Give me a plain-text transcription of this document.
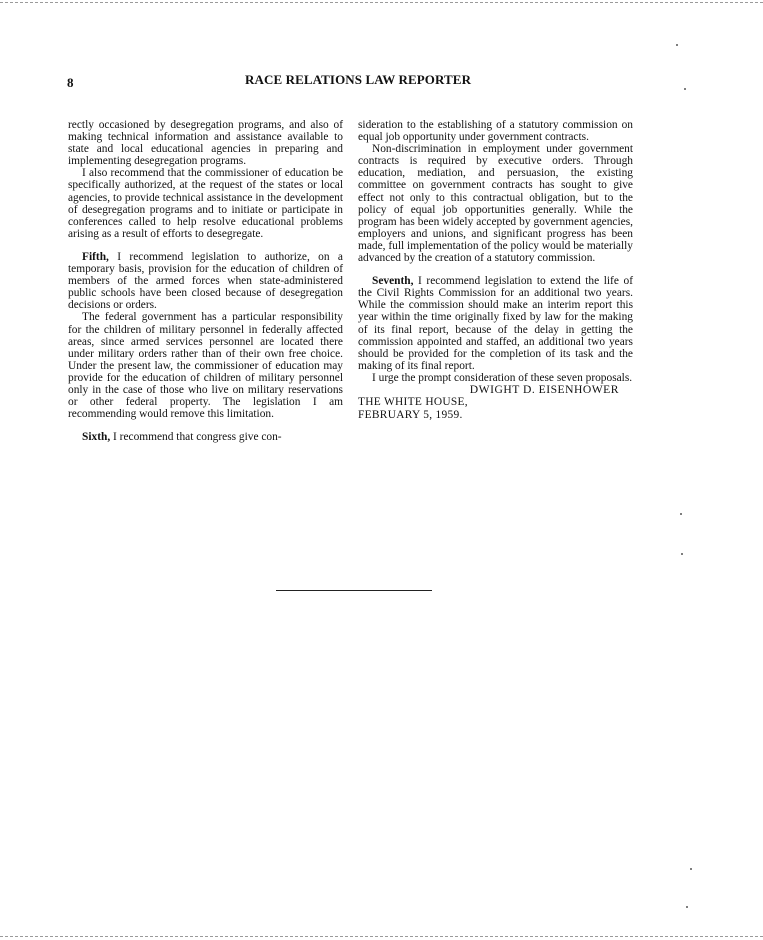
8	RACE RELATIONS LAW REPORTER

rectly occasioned by desegregation programs, and also of making technical information and assistance available to state and local educational agencies in preparing and implementing desegregation programs.

I also recommend that the commissioner of education be specifically authorized, at the request of the states or local agencies, to provide technical assistance in the development of desegregation programs and to initiate or participate in conferences called to help resolve educational problems arising as a result of efforts to desegregate.

Fifth, I recommend legislation to authorize, on a temporary basis, provision for the education of children of members of the armed forces when state-administered public schools have been closed because of desegregation decisions or orders.

The federal government has a particular responsibility for the children of military personnel in federally affected areas, since armed services personnel are located there under military orders rather than of their own free choice. Under the present law, the commissioner of education may provide for the education of children of military personnel only in the case of those who live on military reservations or other federal property. The legislation I am recommending would remove this limitation.

Sixth, I recommend that congress give con-

sideration to the establishing of a statutory commission on equal job opportunity under government contracts.

Non-discrimination in employment under government contracts is required by executive orders. Through education, mediation, and persuasion, the existing committee on government contracts has sought to give effect not only to this contractual obligation, but to the policy of equal job opportunities generally. While the program has been widely accepted by government agencies, employers and unions, and significant progress has been made, full implementation of the policy would be materially advanced by the creation of a statutory commission.

Seventh, I recommend legislation to extend the life of the Civil Rights Commission for an additional two years. While the commission should make an interim report this year within the time originally fixed by law for the making of its final report, because of the delay in getting the commission appointed and staffed, an additional two years should be provided for the completion of its task and the making of its final report.

I urge the prompt consideration of these seven proposals.

DWIGHT D. EISENHOWER

THE WHITE HOUSE,
FEBRUARY 5, 1959.
